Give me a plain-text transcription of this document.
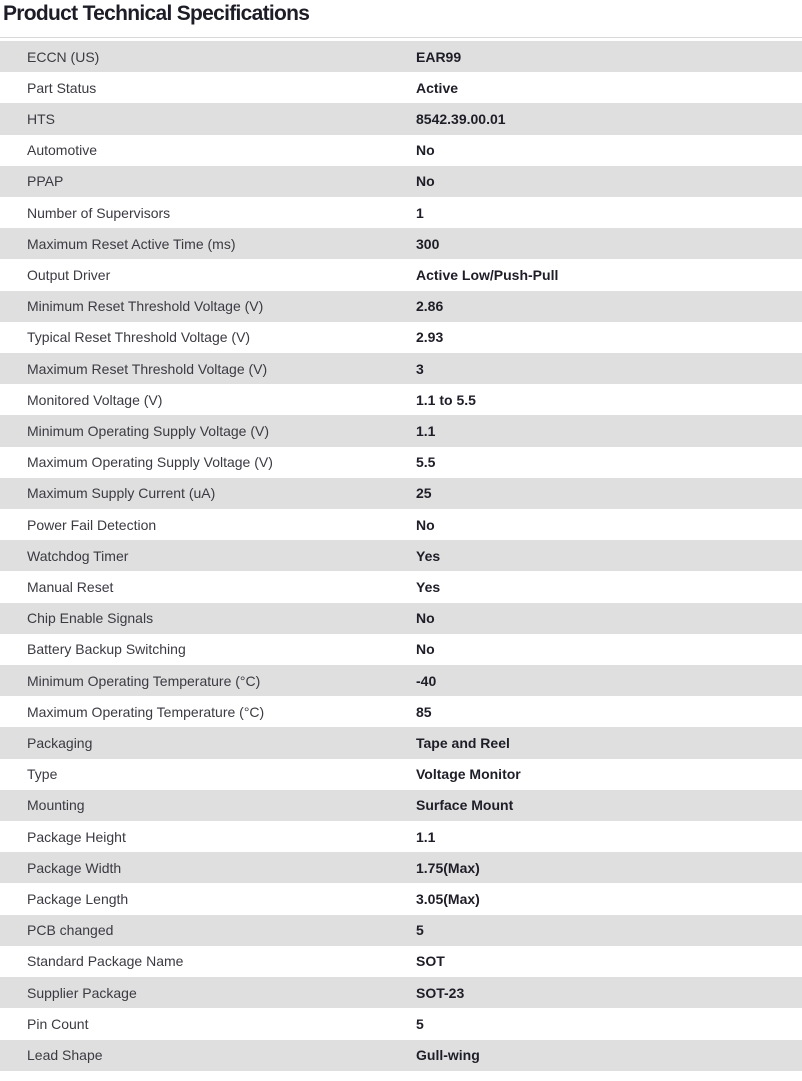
Product Technical Specifications
ECCN (US)	EAR99
Part Status	Active
HTS	8542.39.00.01
Automotive	No
PPAP	No
Number of Supervisors	1
Maximum Reset Active Time (ms)	300
Output Driver	Active Low/Push-Pull
Minimum Reset Threshold Voltage (V)	2.86
Typical Reset Threshold Voltage (V)	2.93
Maximum Reset Threshold Voltage (V)	3
Monitored Voltage (V)	1.1 to 5.5
Minimum Operating Supply Voltage (V)	1.1
Maximum Operating Supply Voltage (V)	5.5
Maximum Supply Current (uA)	25
Power Fail Detection	No
Watchdog Timer	Yes
Manual Reset	Yes
Chip Enable Signals	No
Battery Backup Switching	No
Minimum Operating Temperature (°C)	-40
Maximum Operating Temperature (°C)	85
Packaging	Tape and Reel
Type	Voltage Monitor
Mounting	Surface Mount
Package Height	1.1
Package Width	1.75(Max)
Package Length	3.05(Max)
PCB changed	5
Standard Package Name	SOT
Supplier Package	SOT-23
Pin Count	5
Lead Shape	Gull-wing
